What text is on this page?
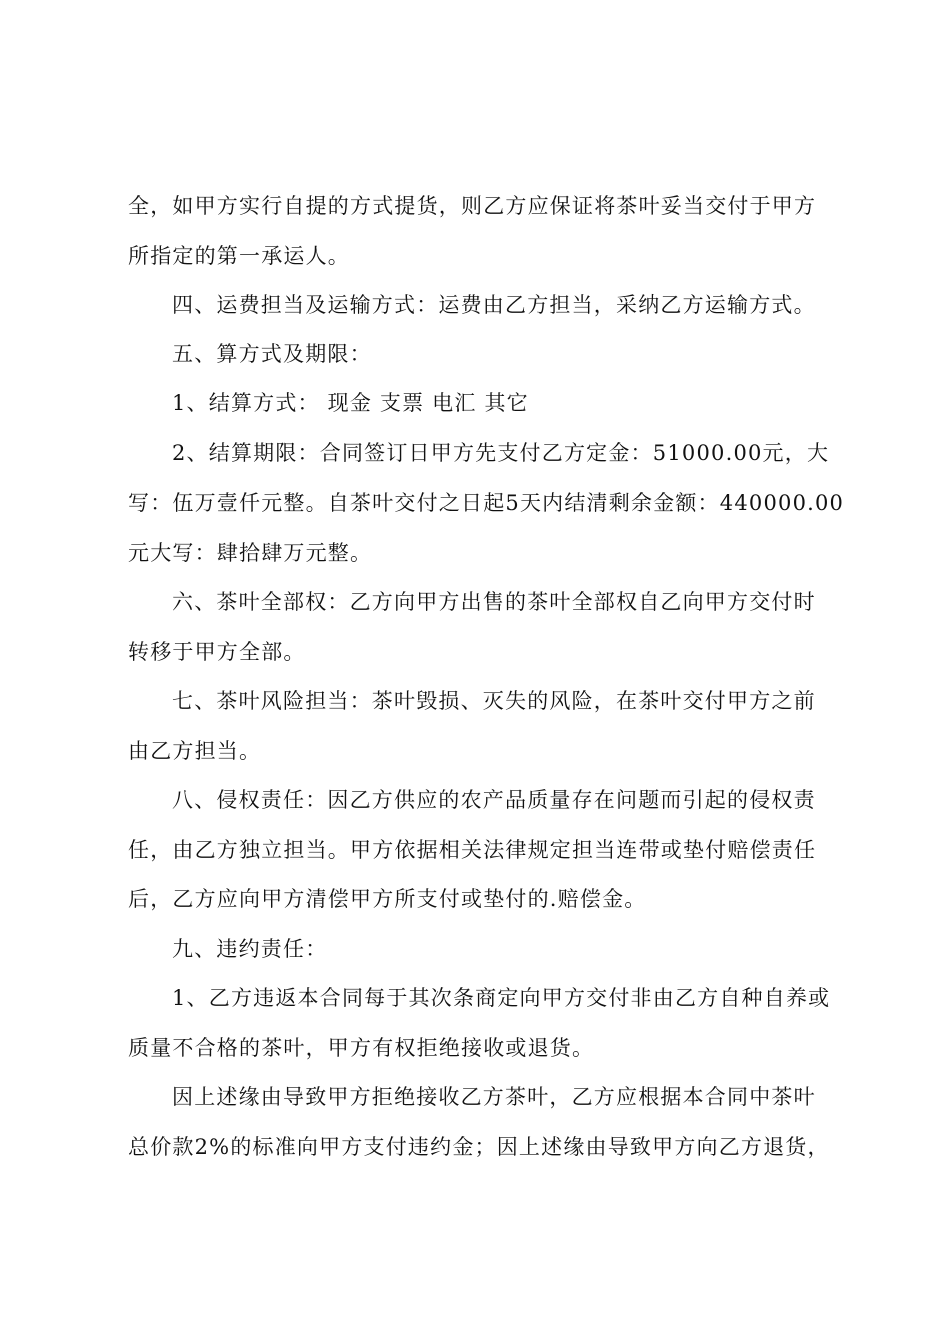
全，如甲方实行自提的方式提货，则乙方应保证将茶叶妥当交付于甲方
所指定的第一承运人。
四、运费担当及运输方式：运费由乙方担当，采纳乙方运输方式。
五、算方式及期限：
1、结算方式： 现金 支票 电汇 其它
2、结算期限：合同签订日甲方先支付乙方定金：51000.00元，大
写：伍万壹仟元整。自茶叶交付之日起5天内结清剩余金额：440000.00
元大写：肆拾肆万元整。
六、茶叶全部权：乙方向甲方出售的茶叶全部权自乙向甲方交付时
转移于甲方全部。
七、茶叶风险担当：茶叶毁损、灭失的风险，在茶叶交付甲方之前
由乙方担当。
八、侵权责任：因乙方供应的农产品质量存在问题而引起的侵权责
任，由乙方独立担当。甲方依据相关法律规定担当连带或垫付赔偿责任
后，乙方应向甲方清偿甲方所支付或垫付的.赔偿金。
九、违约责任：
1、乙方违返本合同每于其次条商定向甲方交付非由乙方自种自养或
质量不合格的茶叶，甲方有权拒绝接收或退货。
因上述缘由导致甲方拒绝接收乙方茶叶，乙方应根据本合同中茶叶
总价款2%的标准向甲方支付违约金；因上述缘由导致甲方向乙方退货，
